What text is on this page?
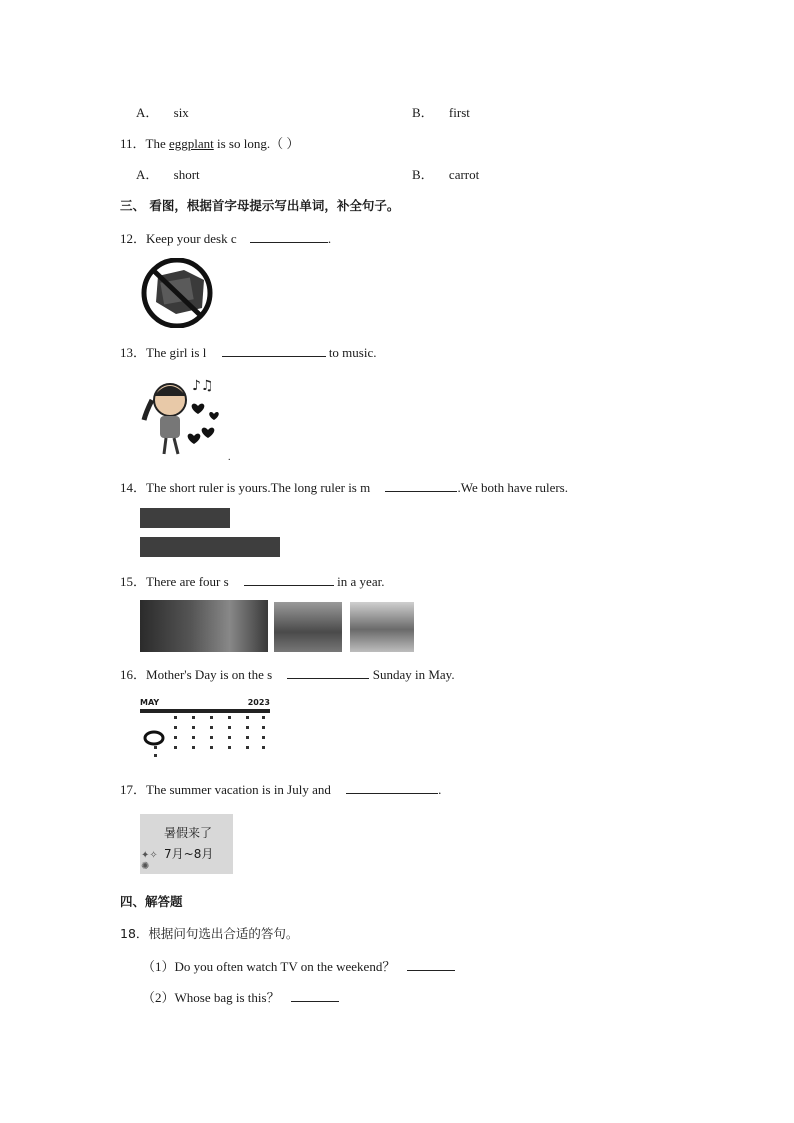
A． six	B． first
11．The eggplant is so long.（ ）
A． short	B． carrot
三、 看图，根据首字母提示写出单词，补全句子。
12．Keep your desk c	.
13．The girl is l	to music.
♪♫
.
14．The short ruler is yours.The long ruler is m	.We both have rulers.
15．There are four s	in a year.
16．Mother's Day is on the s	Sunday in May.
MAY	2023
17．The summer vacation is in July and	.
暑假来了
7月~8月
✦✧
✺
四、解答题
18．根据问句选出合适的答句。
（1）Do you often watch TV on the weekend？
（2）Whose bag is this？
